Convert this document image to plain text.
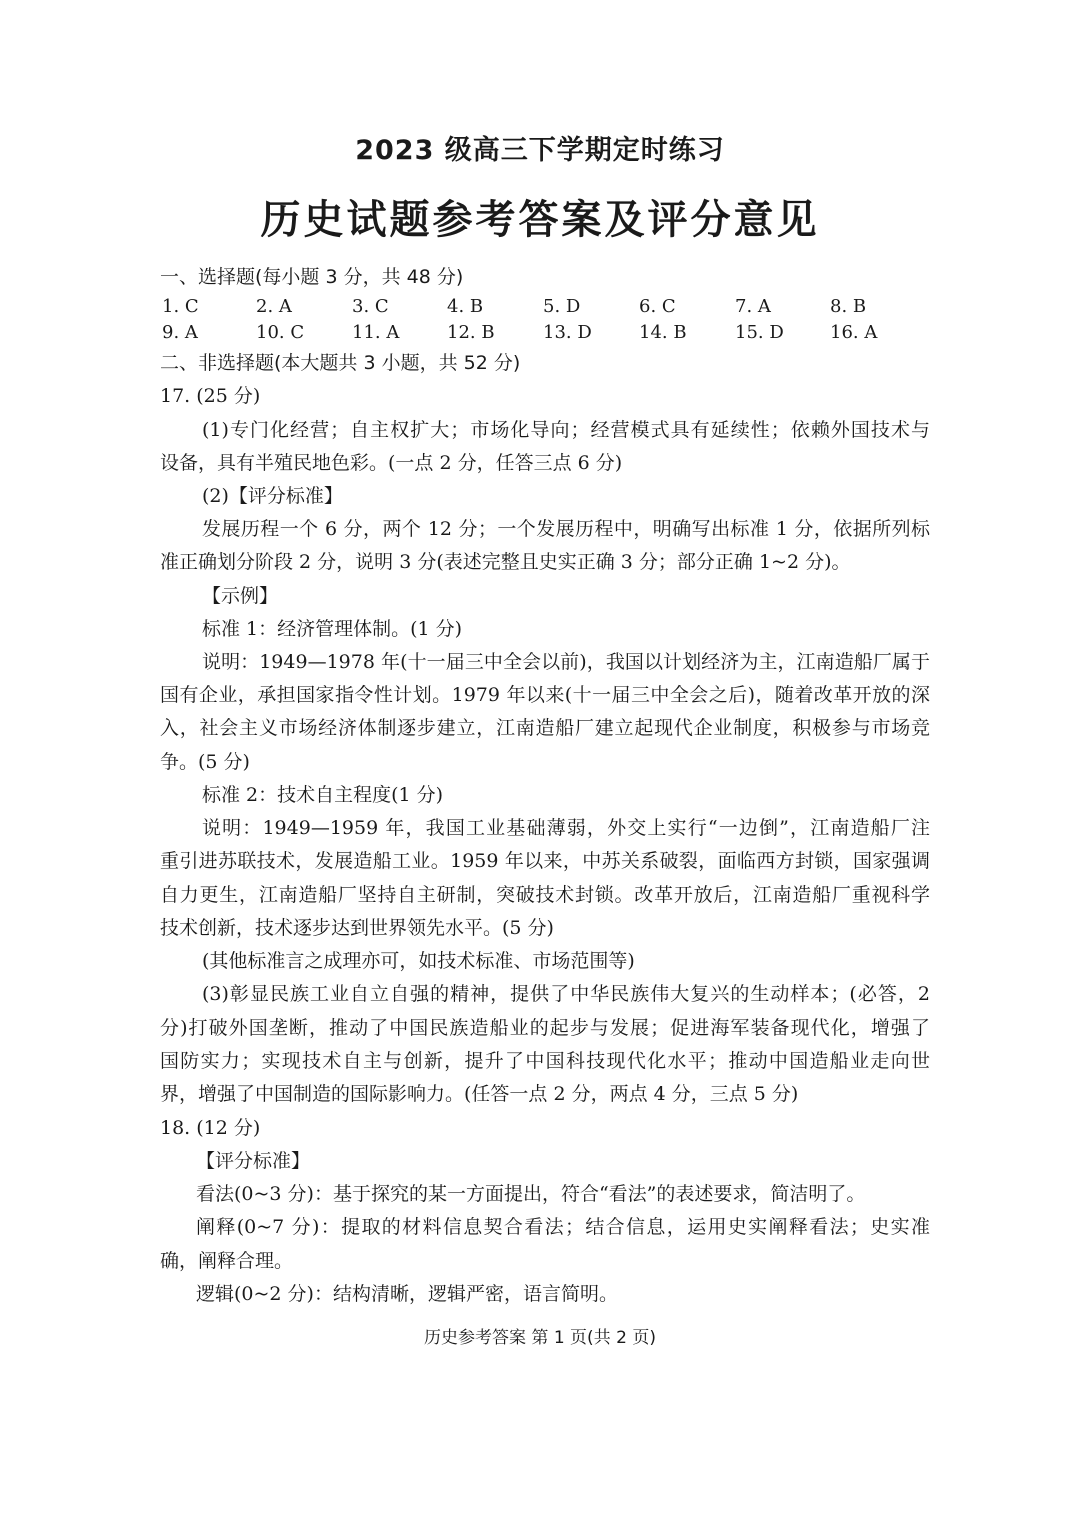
2023 级高三下学期定时练习
历史试题参考答案及评分意见
一、选择题(每小题 3 分，共 48 分)
1. C	2. A	3. C	4. B	5. D	6. C	7. A	8. B
9. A	10. C	11. A	12. B	13. D	14. B	15. D	16. A
二、非选择题(本大题共 3 小题，共 52 分)
17. (25 分)
(1)专门化经营；自主权扩大；市场化导向；经营模式具有延续性；依赖外国技术与
设备，具有半殖民地色彩。(一点 2 分，任答三点 6 分)
(2)【评分标准】
发展历程一个 6 分，两个 12 分；一个发展历程中，明确写出标准 1 分，依据所列标
准正确划分阶段 2 分，说明 3 分(表述完整且史实正确 3 分；部分正确 1~2 分)。
【示例】
标准 1：经济管理体制。(1 分)
说明：1949—1978 年(十一届三中全会以前)，我国以计划经济为主，江南造船厂属于
国有企业，承担国家指令性计划。1979 年以来(十一届三中全会之后)，随着改革开放的深
入，社会主义市场经济体制逐步建立，江南造船厂建立起现代企业制度，积极参与市场竞
争。(5 分)
标准 2：技术自主程度(1 分)
说明：1949—1959 年，我国工业基础薄弱，外交上实行“一边倒”，江南造船厂注
重引进苏联技术，发展造船工业。1959 年以来，中苏关系破裂，面临西方封锁，国家强调
自力更生，江南造船厂坚持自主研制，突破技术封锁。改革开放后，江南造船厂重视科学
技术创新，技术逐步达到世界领先水平。(5 分)
(其他标准言之成理亦可，如技术标准、市场范围等)
(3)彰显民族工业自立自强的精神，提供了中华民族伟大复兴的生动样本；(必答，2
分)打破外国垄断，推动了中国民族造船业的起步与发展；促进海军装备现代化，增强了
国防实力；实现技术自主与创新，提升了中国科技现代化水平；推动中国造船业走向世
界，增强了中国制造的国际影响力。(任答一点 2 分，两点 4 分，三点 5 分)
18. (12 分)
【评分标准】
看法(0~3 分)：基于探究的某一方面提出，符合“看法”的表述要求，简洁明了。
阐释(0~7 分)：提取的材料信息契合看法；结合信息，运用史实阐释看法；史实准
确，阐释合理。
逻辑(0~2 分)：结构清晰，逻辑严密，语言简明。
历史参考答案 第 1 页(共 2 页)
